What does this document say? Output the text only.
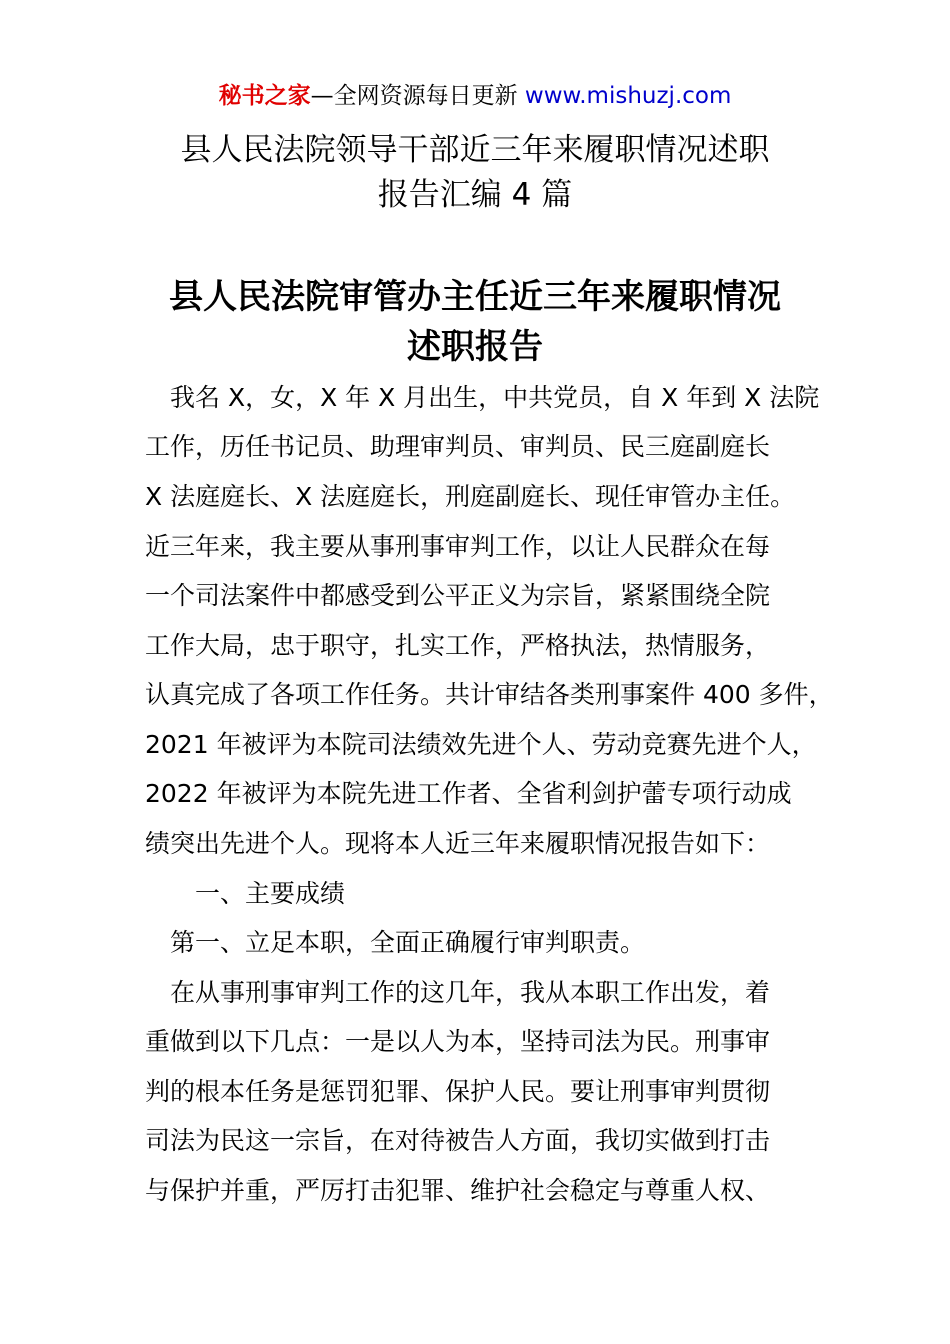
秘书之家—全网资源每日更新 www.mishuzj.com
县人民法院领导干部近三年来履职情况述职
报告汇编 4 篇
县人民法院审管办主任近三年来履职情况
述职报告
　我名 X，女，X 年 X 月出生，中共党员，自 X 年到 X 法院
工作，历任书记员、助理审判员、审判员、民三庭副庭长
X 法庭庭长、X 法庭庭长，刑庭副庭长、现任审管办主任。
近三年来，我主要从事刑事审判工作，以让人民群众在每
一个司法案件中都感受到公平正义为宗旨，紧紧围绕全院
工作大局，忠于职守，扎实工作，严格执法，热情服务，
认真完成了各项工作任务。共计审结各类刑事案件 400 多件，
2021 年被评为本院司法绩效先进个人、劳动竞赛先进个人，
2022 年被评为本院先进工作者、全省利剑护蕾专项行动成
绩突出先进个人。现将本人近三年来履职情况报告如下：
　　一、主要成绩
　第一、立足本职，全面正确履行审判职责。
　在从事刑事审判工作的这几年，我从本职工作出发，着
重做到以下几点：一是以人为本，坚持司法为民。刑事审
判的根本任务是惩罚犯罪、保护人民。要让刑事审判贯彻
司法为民这一宗旨，在对待被告人方面，我切实做到打击
与保护并重，严厉打击犯罪、维护社会稳定与尊重人权、
